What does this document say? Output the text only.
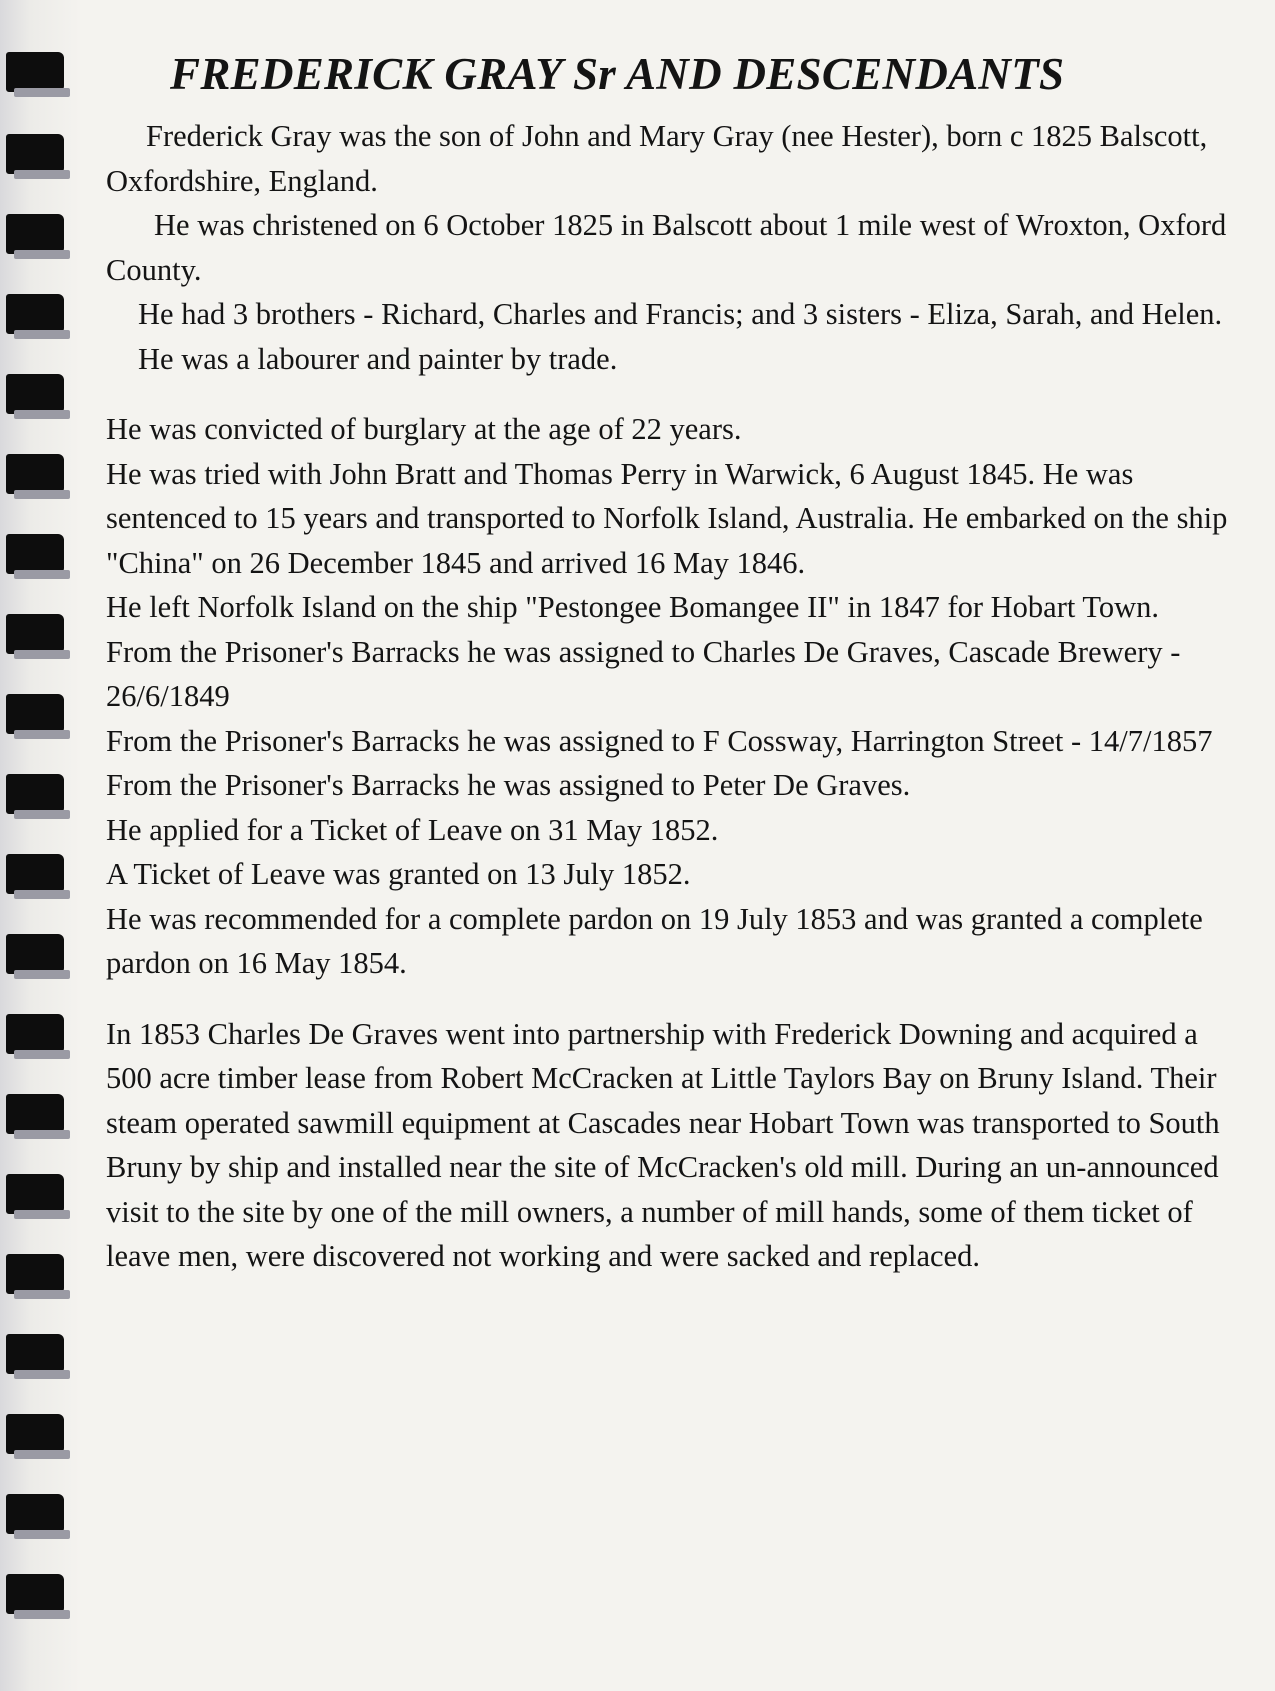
FREDERICK GRAY Sr AND DESCENDANTS

Frederick Gray was the son of John and Mary Gray (nee Hester), born c 1825 Balscott, Oxfordshire, England.

He was christened on 6 October 1825 in Balscott about 1 mile west of Wroxton, Oxford County.

He had 3 brothers - Richard, Charles and Francis; and 3 sisters - Eliza, Sarah, and Helen.

He was a labourer and painter by trade.

He was convicted of burglary at the age of 22 years.

He was tried with John Bratt and Thomas Perry in Warwick, 6 August 1845. He was sentenced to 15 years and transported to Norfolk Island, Australia. He embarked on the ship "China" on 26 December 1845 and arrived 16 May 1846.

He left Norfolk Island on the ship "Pestongee Bomangee II" in 1847 for Hobart Town.

From the Prisoner's Barracks he was assigned to Charles De Graves, Cascade Brewery - 26/6/1849

From the Prisoner's Barracks he was assigned to F Cossway, Harrington Street - 14/7/1857

From the Prisoner's Barracks he was assigned to Peter De Graves.

He applied for a Ticket of Leave on 31 May 1852.

A Ticket of Leave was granted on 13 July 1852.

He was recommended for a complete pardon on 19 July 1853 and was granted a complete pardon on 16 May 1854.

In 1853 Charles De Graves went into partnership with Frederick Downing and acquired a 500 acre timber lease from Robert McCracken at Little Taylors Bay on Bruny Island. Their steam operated sawmill equipment at Cascades near Hobart Town was transported to South Bruny by ship and installed near the site of McCracken's old mill. During an un-announced visit to the site by one of the mill owners, a number of mill hands, some of them ticket of leave men, were discovered not working and were sacked and replaced.
